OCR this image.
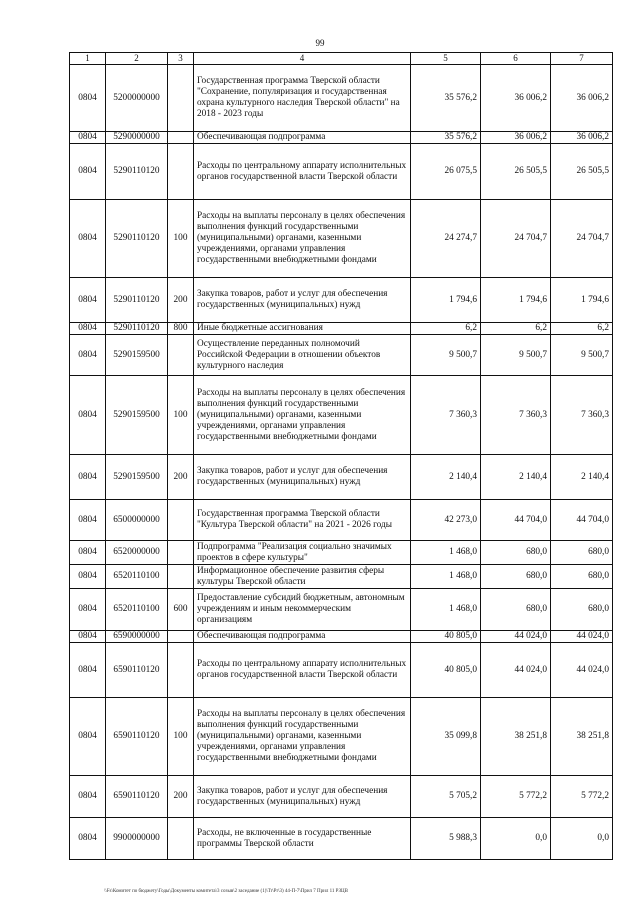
99
1	2	3	4	5	6	7
0804	5200000000		Государственная программа Тверской области "Сохранение, популяризация и государственная охрана культурного наследия Тверской области" на 2018 - 2023 годы	35 576,2	36 006,2	36 006,2
0804	5290000000		Обеспечивающая подпрограмма	35 576,2	36 006,2	36 006,2
0804	5290110120		Расходы по центральному аппарату исполнительных органов государственной власти Тверской области	26 075,5	26 505,5	26 505,5
0804	5290110120	100	Расходы на выплаты персоналу в целях обеспечения выполнения функций государственными (муниципальными) органами, казенными учреждениями, органами управления государственными внебюджетными фондами	24 274,7	24 704,7	24 704,7
0804	5290110120	200	Закупка товаров, работ и услуг для обеспечения государственных (муниципальных) нужд	1 794,6	1 794,6	1 794,6
0804	5290110120	800	Иные бюджетные ассигнования	6,2	6,2	6,2
0804	5290159500		Осуществление переданных полномочий Российской Федерации в отношении объектов культурного наследия	9 500,7	9 500,7	9 500,7
0804	5290159500	100	Расходы на выплаты персоналу в целях обеспечения выполнения функций государственными (муниципальными) органами, казенными учреждениями, органами управления государственными внебюджетными фондами	7 360,3	7 360,3	7 360,3
0804	5290159500	200	Закупка товаров, работ и услуг для обеспечения государственных (муниципальных) нужд	2 140,4	2 140,4	2 140,4
0804	6500000000		Государственная программа Тверской области "Культура Тверской области" на 2021 - 2026 годы	42 273,0	44 704,0	44 704,0
0804	6520000000		Подпрограмма "Реализация социально значимых проектов в сфере культуры"	1 468,0	680,0	680,0
0804	6520110100		Информационное обеспечение развития сферы культуры Тверской области	1 468,0	680,0	680,0
0804	6520110100	600	Предоставление субсидий бюджетным, автономным учреждениям и иным некоммерческим организациям	1 468,0	680,0	680,0
0804	6590000000		Обеспечивающая подпрограмма	40 805,0	44 024,0	44 024,0
0804	6590110120		Расходы по центральному аппарату исполнительных органов государственной власти Тверской области	40 805,0	44 024,0	44 024,0
0804	6590110120	100	Расходы на выплаты персоналу в целях обеспечения выполнения функций государственными (муниципальными) органами, казенными учреждениями, органами управления государственными внебюджетными фондами	35 099,8	38 251,8	38 251,8
0804	6590110120	200	Закупка товаров, работ и услуг для обеспечения государственных (муниципальных) нужд	5 705,2	5 772,2	5 772,2
0804	9900000000		Расходы, не включенные в государственные программы Тверской области	5 988,3	0,0	0,0
\\Fs\Комитет по бюджету\Годы\Документы комитета\3 созыв\2 заседание (1)\Tr\Pr\3) 44-П-7\Прил 7 Прил 11 РЗЦВ
